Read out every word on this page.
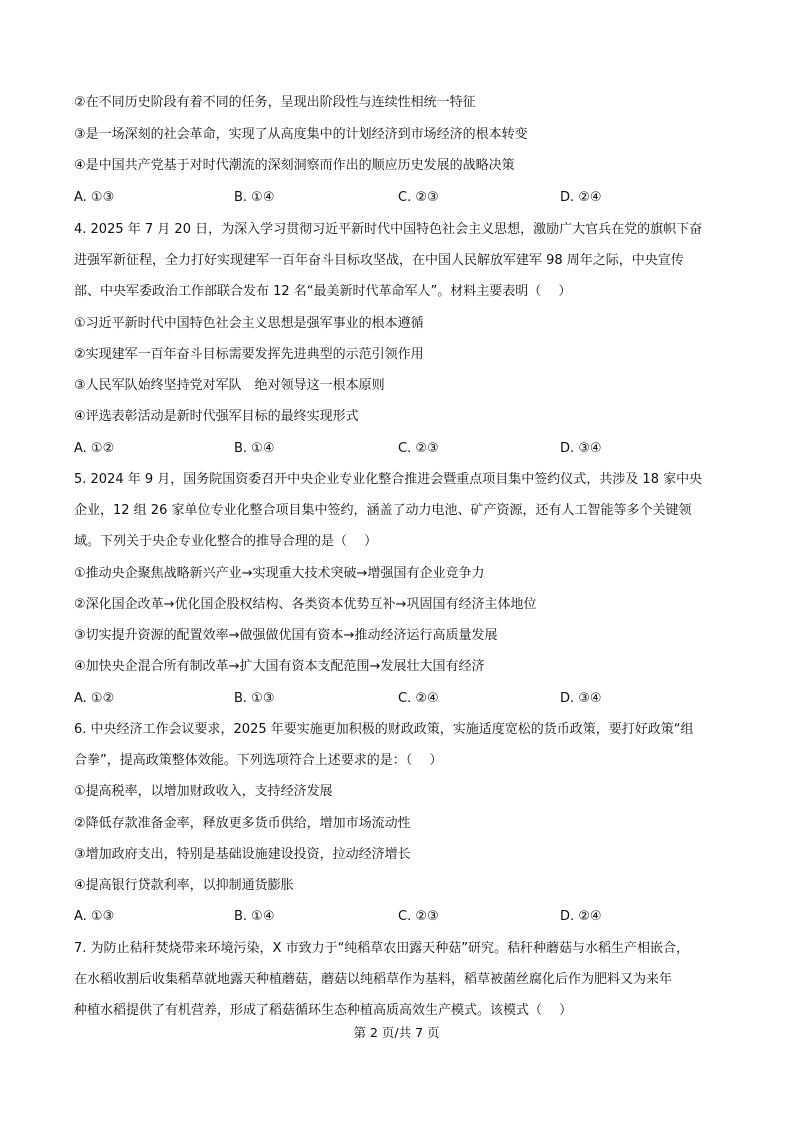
②在不同历史阶段有着不同的任务，呈现出阶段性与连续性相统一特征
③是一场深刻的社会革命，实现了从高度集中的计划经济到市场经济的根本转变
④是中国共产党基于对时代潮流的深刻洞察而作出的顺应历史发展的战略决策
A. ①③	B. ①④	C. ②③	D. ②④
4. 2025 年 7 月 20 日，为深入学习贯彻习近平新时代中国特色社会主义思想，激励广大官兵在党的旗帜下奋
进强军新征程，全力打好实现建军一百年奋斗目标攻坚战，在中国人民解放军建军 98 周年之际，中央宣传
部、中央军委政治工作部联合发布 12 名“最美新时代革命军人”。材料主要表明（　 ）
①习近平新时代中国特色社会主义思想是强军事业的根本遵循
②实现建军一百年奋斗目标需要发挥先进典型的示范引领作用
③人民军队始终坚持党对军队　绝对领导这一根本原则
④评选表彰活动是新时代强军目标的最终实现形式
A. ①②	B. ①④	C. ②③	D. ③④
5. 2024 年 9 月，国务院国资委召开中央企业专业化整合推进会暨重点项目集中签约仪式，共涉及 18 家中央
企业，12 组 26 家单位专业化整合项目集中签约，涵盖了动力电池、矿产资源，还有人工智能等多个关键领
域。下列关于央企专业化整合的推导合理的是（　 ）
①推动央企聚焦战略新兴产业→实现重大技术突破→增强国有企业竞争力
②深化国企改革→优化国企股权结构、各类资本优势互补→巩固国有经济主体地位
③切实提升资源的配置效率→做强做优国有资本→推动经济运行高质量发展
④加快央企混合所有制改革→扩大国有资本支配范围→发展壮大国有经济
A. ①②	B. ①③	C. ②④	D. ③④
6. 中央经济工作会议要求，2025 年要实施更加积极的财政政策，实施适度宽松的货币政策，要打好政策“组
合拳”，提高政策整体效能。下列选项符合上述要求的是：（　 ）
①提高税率，以增加财政收入，支持经济发展
②降低存款准备金率，释放更多货币供给，增加市场流动性
③增加政府支出，特别是基础设施建设投资，拉动经济增长
④提高银行贷款利率，以抑制通货膨胀
A. ①③	B. ①④	C. ②③	D. ②④
7. 为防止秸秆焚烧带来环境污染，X 市致力于“纯稻草农田露天种菇”研究。秸秆种蘑菇与水稻生产相嵌合，
在水稻收割后收集稻草就地露天种植蘑菇，蘑菇以纯稻草作为基料，稻草被菌丝腐化后作为肥料又为来年
种植水稻提供了有机营养，形成了稻菇循环生态种植高质高效生产模式。该模式（　 ）
第 2 页/共 7 页
